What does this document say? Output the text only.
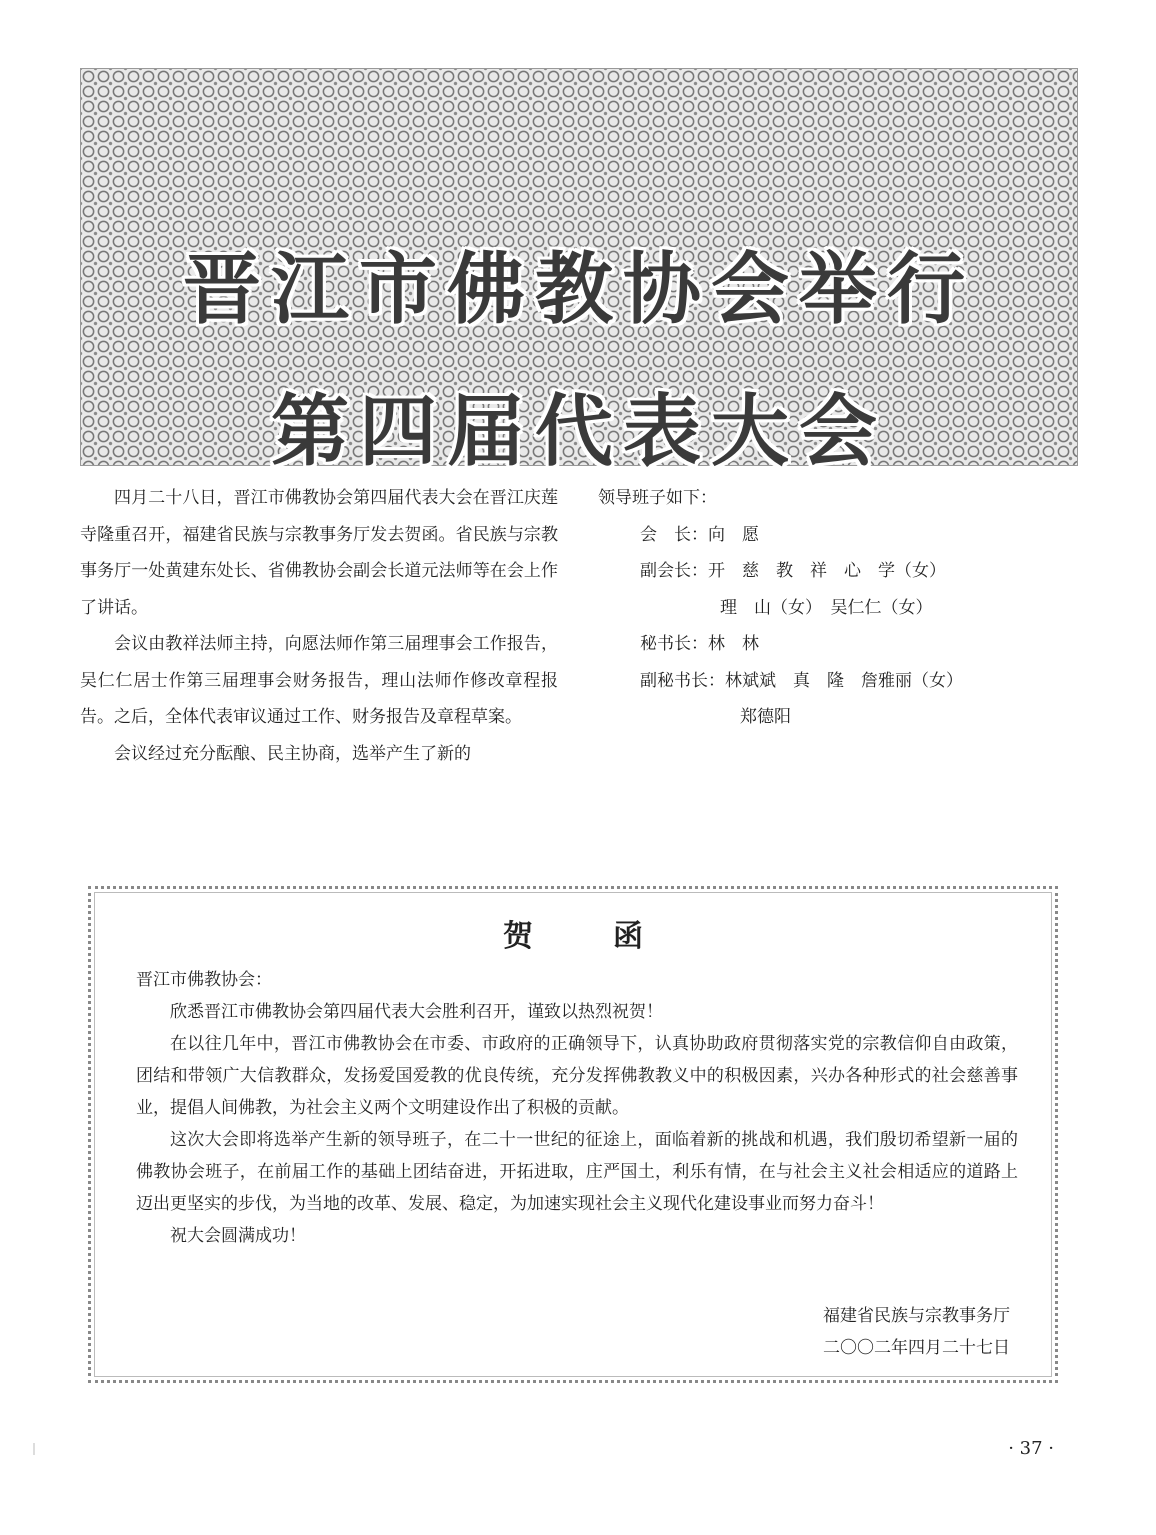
晋江市佛教协会举行
第四届代表大会

四月二十八日，晋江市佛教协会第四届代表大会在晋江庆莲寺隆重召开，福建省民族与宗教事务厅发去贺函。省民族与宗教事务厅一处黄建东处长、省佛教协会副会长道元法师等在会上作了讲话。

会议由教祥法师主持，向愿法师作第三届理事会工作报告，吴仁仁居士作第三届理事会财务报告，理山法师作修改章程报告。之后，全体代表审议通过工作、财务报告及章程草案。

会议经过充分酝酿、民主协商，选举产生了新的

领导班子如下：
会　长：向　愿
副会长：开　慈　教　祥　心　学（女）
理　山（女）　吴仁仁（女）
秘书长：林　林
副秘书长：林斌斌　真　隆　詹雅丽（女）
郑德阳
贺函

晋江市佛教协会：

欣悉晋江市佛教协会第四届代表大会胜利召开，谨致以热烈祝贺！

在以往几年中，晋江市佛教协会在市委、市政府的正确领导下，认真协助政府贯彻落实党的宗教信仰自由政策，团结和带领广大信教群众，发扬爱国爱教的优良传统，充分发挥佛教教义中的积极因素，兴办各种形式的社会慈善事业，提倡人间佛教，为社会主义两个文明建设作出了积极的贡献。

这次大会即将选举产生新的领导班子，在二十一世纪的征途上，面临着新的挑战和机遇，我们殷切希望新一届的佛教协会班子，在前届工作的基础上团结奋进，开拓进取，庄严国土，利乐有情，在与社会主义社会相适应的道路上迈出更坚实的步伐，为当地的改革、发展、稳定，为加速实现社会主义现代化建设事业而努力奋斗！

祝大会圆满成功！

福建省民族与宗教事务厅
二〇〇二年四月二十七日
· 37 ·
